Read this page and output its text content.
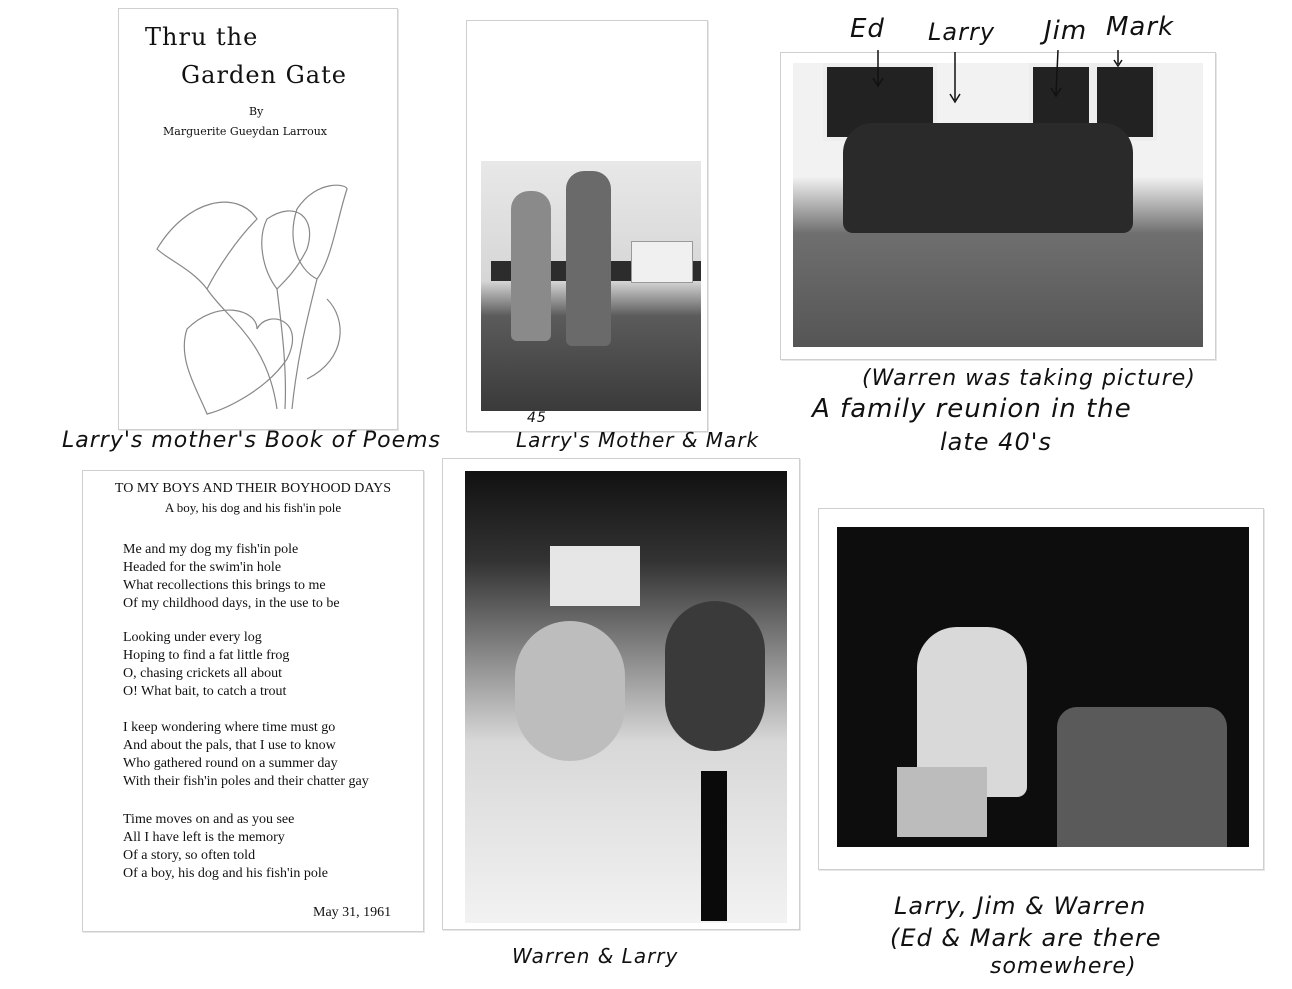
Thru the
Garden Gate
By
Marguerite Gueydan Larroux
Ed Larry Jim Mark
TO MY BOYS AND THEIR BOYHOOD DAYS
A boy, his dog and his fish'in pole
Me and my dog my fish'in pole
Headed for the swim'in hole
What recollections this brings to me
Of my childhood days, in the use to be
Looking under every log
Hoping to find a fat little frog
O, chasing crickets all about
O! What bait, to catch a trout
I keep wondering where time must go
And about the pals, that I use to know
Who gathered round on a summer day
With their fish'in poles and their chatter gay
Time moves on and as you see
All I have left is the memory
Of a story, so often told
Of a boy, his dog and his fish'in pole
May 31, 1961
Larry's mother's Book of Poems
45
Larry's Mother & Mark
(Warren was taking picture)
A family reunion in the
late 40's
Warren & Larry
Larry, Jim & Warren
(Ed & Mark are there
somewhere)
